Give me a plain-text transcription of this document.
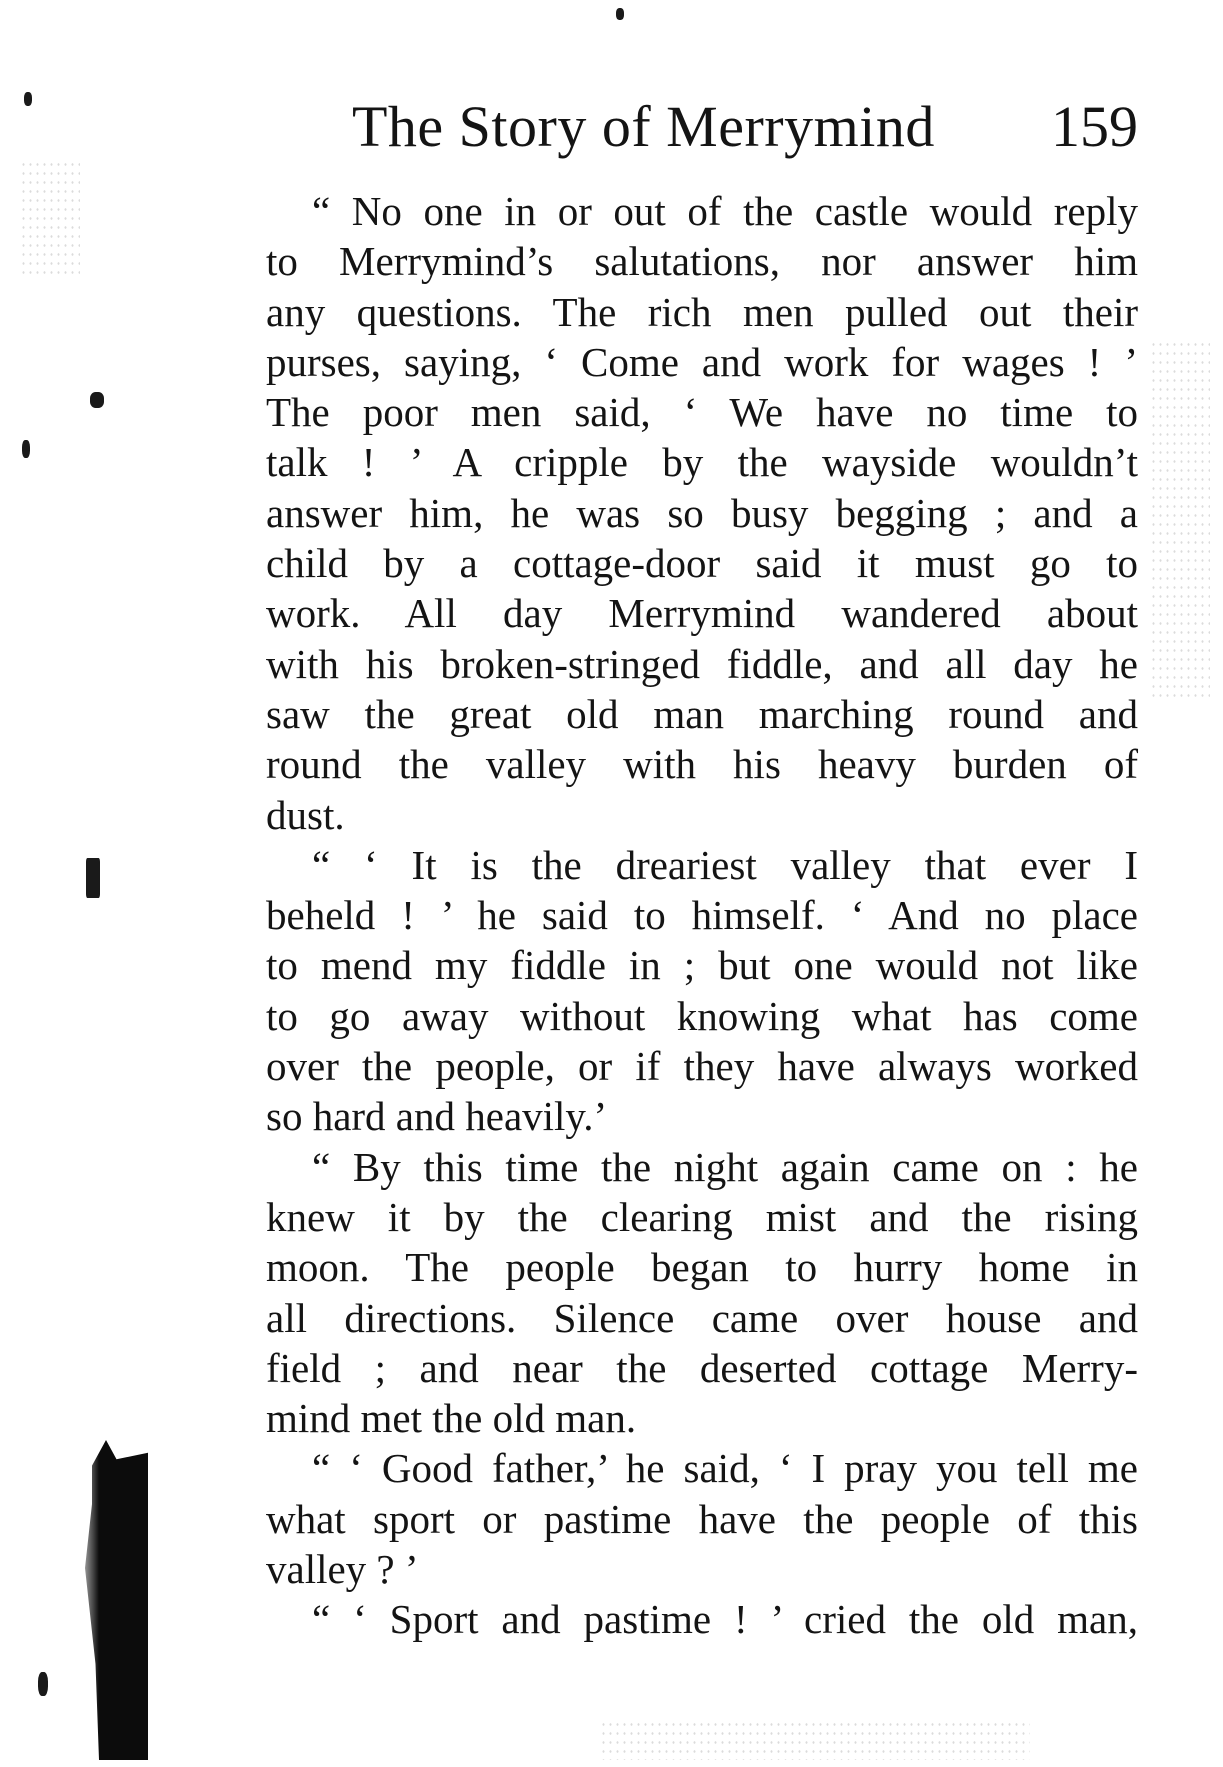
The Story of Merrymind 159
“ No one in or out of the castle would reply
to Merrymind’s salutations, nor answer him
any questions. The rich men pulled out their
purses, saying, ‘ Come and work for wages ! ’
The poor men said, ‘ We have no time to
talk ! ’ A cripple by the wayside wouldn’t
answer him, he was so busy begging ; and a
child by a cottage-door said it must go to
work. All day Merrymind wandered about
with his broken-stringed fiddle, and all day he
saw the great old man marching round and
round the valley with his heavy burden of
dust.
“ ‘ It is the dreariest valley that ever I
beheld ! ’ he said to himself. ‘ And no place
to mend my fiddle in ; but one would not like
to go away without knowing what has come
over the people, or if they have always worked
so hard and heavily.’
“ By this time the night again came on : he
knew it by the clearing mist and the rising
moon. The people began to hurry home in
all directions. Silence came over house and
field ; and near the deserted cottage Merry-
mind met the old man.
“ ‘ Good father,’ he said, ‘ I pray you tell me
what sport or pastime have the people of this
valley ? ’
“ ‘ Sport and pastime ! ’ cried the old man,
